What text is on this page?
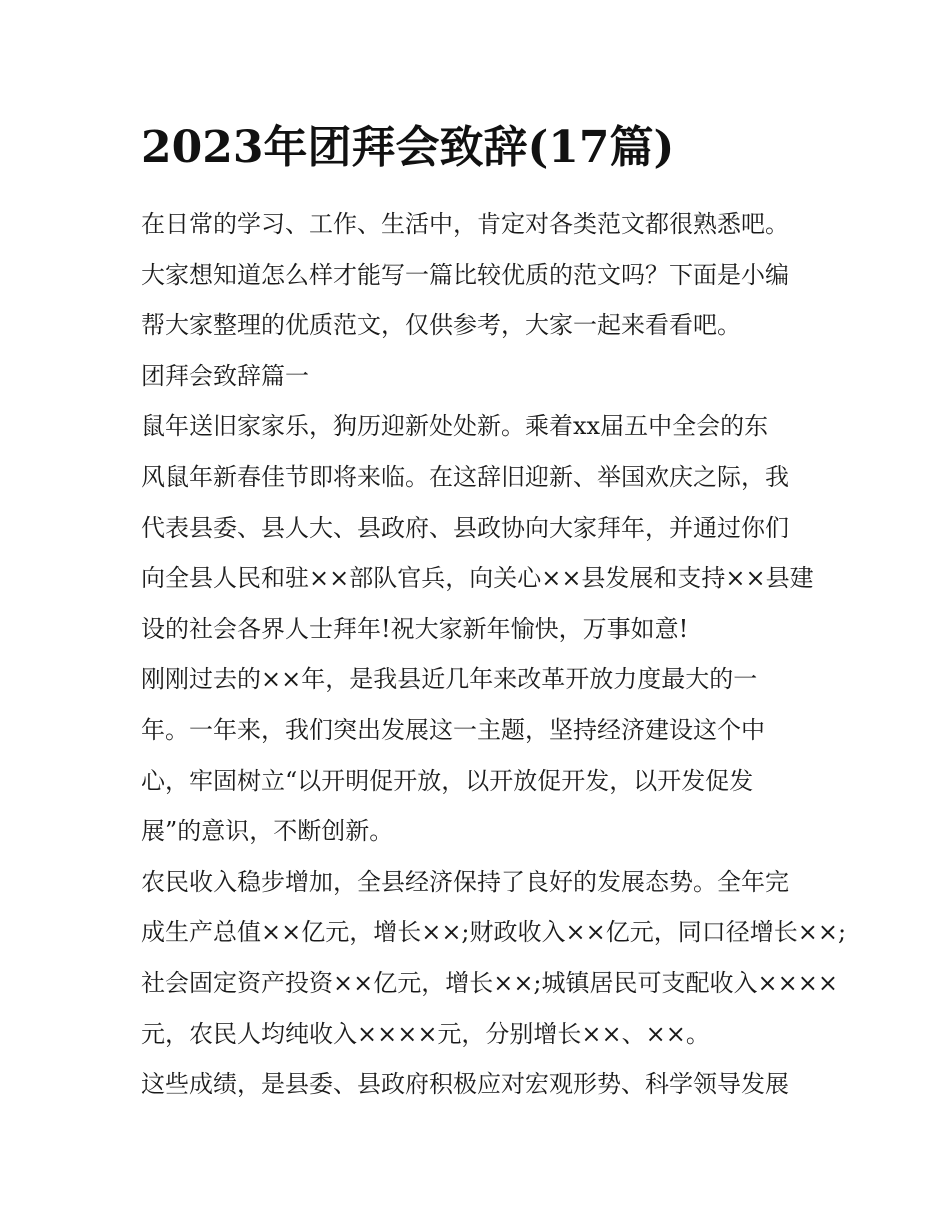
2023年团拜会致辞(17篇)
在日常的学习、工作、生活中，肯定对各类范文都很熟悉吧。
大家想知道怎么样才能写一篇比较优质的范文吗？下面是小编
帮大家整理的优质范文，仅供参考，大家一起来看看吧。
团拜会致辞篇一
鼠年送旧家家乐，狗历迎新处处新。乘着xx届五中全会的东
风鼠年新春佳节即将来临。在这辞旧迎新、举国欢庆之际，我
代表县委、县人大、县政府、县政协向大家拜年，并通过你们
向全县人民和驻××部队官兵，向关心××县发展和支持××县建
设的社会各界人士拜年!祝大家新年愉快，万事如意!
刚刚过去的××年，是我县近几年来改革开放力度最大的一
年。一年来，我们突出发展这一主题，坚持经济建设这个中
心，牢固树立“以开明促开放，以开放促开发，以开发促发
展”的意识，不断创新。
农民收入稳步增加，全县经济保持了良好的发展态势。全年完
成生产总值××亿元，增长××;财政收入××亿元，同口径增长××;
社会固定资产投资××亿元，增长××;城镇居民可支配收入××××
元，农民人均纯收入××××元，分别增长××、××。
这些成绩，是县委、县政府积极应对宏观形势、科学领导发展
